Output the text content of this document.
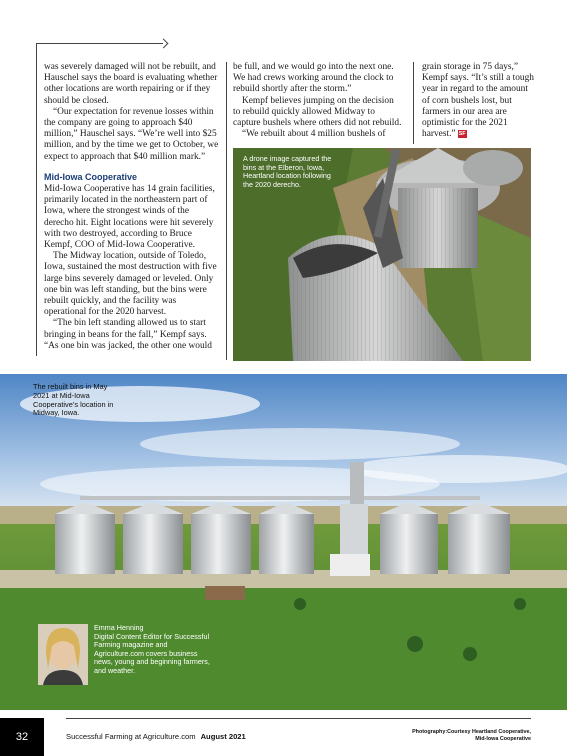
was severely damaged will not be rebuilt, and Hauschel says the board is evaluating whether other locations are worth repairing or if they should be closed.

“Our expectation for revenue losses within the company are going to approach $40 million,” Hauschel says. “We’re well into $25 million, and by the time we get to October, we expect to approach that $40 million mark.”

Mid-Iowa Cooperative

Mid-Iowa Cooperative has 14 grain facilities, primarily located in the northeastern part of Iowa, where the strongest winds of the derecho hit. Eight locations were hit severely with two destroyed, according to Bruce Kempf, COO of Mid-Iowa Cooperative.

The Midway location, outside of Toledo, Iowa, sustained the most destruction with five large bins severely damaged or leveled. Only one bin was left standing, but the bins were rebuilt quickly, and the facility was operational for the 2020 harvest.

“The bin left standing allowed us to start bringing in beans for the fall,” Kempf says. “As one bin was jacked, the other one would

be full, and we would go into the next one. We had crews working around the clock to rebuild shortly after the storm.”

Kempf believes jumping on the decision to rebuild quickly allowed Midway to capture bushels where others did not rebuild.

“We rebuilt about 4 million bushels of

grain storage in 75 days,” Kempf says. “It’s still a tough year in regard to the amount of corn bushels lost, but farmers in our area are optimistic for the 2021 harvest.” SF

A drone image captured the bins at the Elberon, Iowa, Heartland location following the 2020 derecho.
The rebuilt bins in May 2021 at Mid-Iowa Cooperative’s location in Midway, Iowa.
Emma Henning
Digital Content Editor for Successful Farming magazine and Agriculture.com covers business news, young and beginning farmers, and weather.
32	Successful Farming at Agriculture.com August 2021	Photography:Courtesy Heartland Cooperative,
Mid-Iowa Cooperative
